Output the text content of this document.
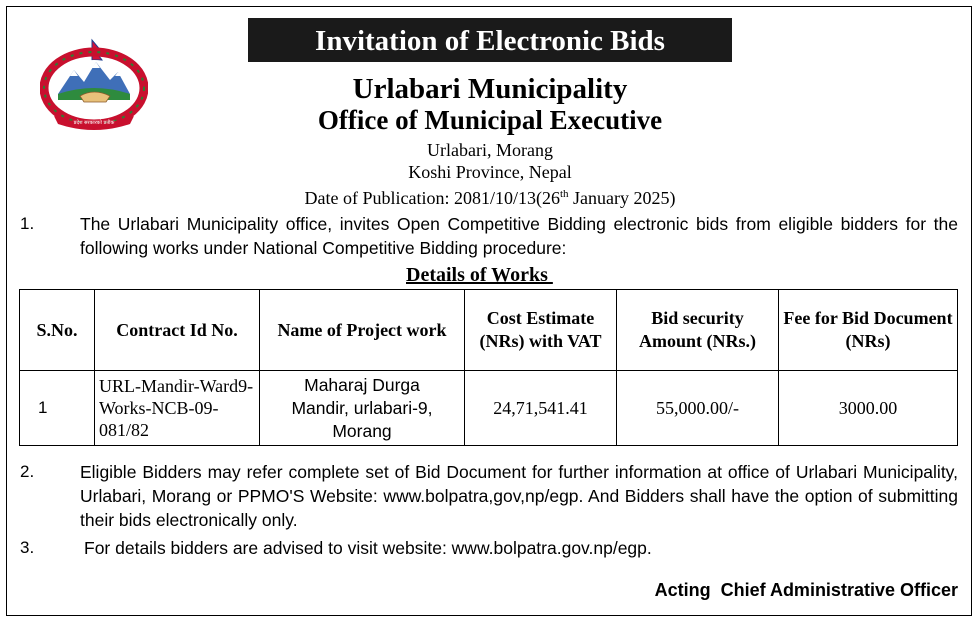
Invitation of Electronic Bids
प्रदेश सरकारको प्रतीक
Urlabari Municipality
Office of Municipal Executive
Urlabari, Morang
Koshi Province, Nepal
Date of Publication: 2081/10/13(26th January 2025)
1.	The Urlabari Municipality office, invites Open Competitive Bidding electronic bids from eligible bidders for the following works under National Competitive Bidding procedure:
Details of Works
S.No.	Contract Id No.	Name of Project work	Cost Estimate (NRs) with VAT	Bid security Amount (NRs.)	Fee for Bid Document (NRs)
1	URL-Mandir-Ward9-Works-NCB-09-081/82	Maharaj Durga Mandir, urlabari-9, Morang	24,71,541.41	55,000.00/-	3000.00
2.	Eligible Bidders may refer complete set of Bid Document for further information at office of Urlabari Municipality, Urlabari, Morang or PPMO'S Website: www.bolpatra,gov,np/egp. And Bidders shall have the option of submitting their bids electronically only.
3.	For details bidders are advised to visit website: www.bolpatra.gov.np/egp.
Acting  Chief Administrative Officer
